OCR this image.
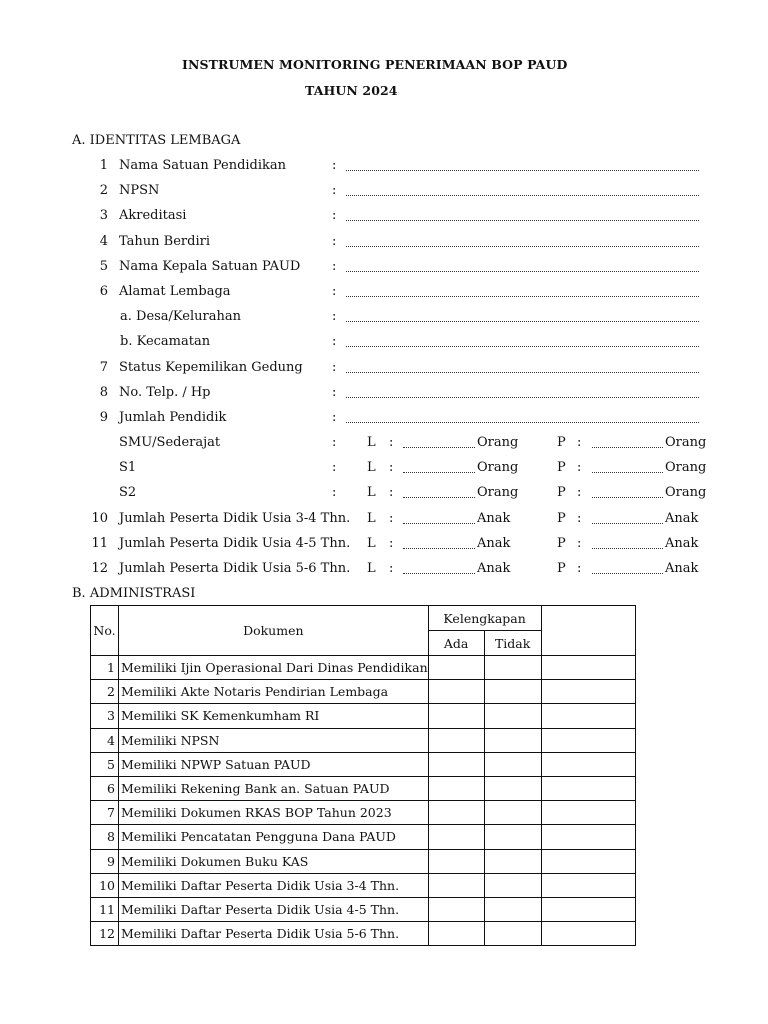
INSTRUMEN MONITORING PENERIMAAN BOP PAUD
TAHUN 2024
A. IDENTITAS LEMBAGA
1 Nama Satuan Pendidikan	:
2 NPSN	:
3 Akreditasi	:
4 Tahun Berdiri	:
5 Nama Kepala Satuan PAUD :
6 Alamat Lembaga	:
a. Desa/Kelurahan	:
b. Kecamatan	:
7 Status Kepemilikan Gedung :
8 No. Telp. / Hp	:
9 Jumlah Pendidik	:
SMU/Sederajat	: L :	Orang	P :	Orang
S1	: L :	Orang	P :	Orang
S2	: L :	Orang	P :	Orang
10 Jumlah Peserta Didik Usia 3-4 Thn. L :	Anak	P :	Anak
11 Jumlah Peserta Didik Usia 4-5 Thn. L :	Anak	P :	Anak
12 Jumlah Peserta Didik Usia 5-6 Thn. L :	Anak	P :	Anak
B. ADMINISTRASI
No.	Dokumen	Kelengkapan		
		Ada	Tidak	
1	Memiliki Ijin Operasional Dari Dinas Pendidikan			
2	Memiliki Akte Notaris Pendirian Lembaga			
3	Memiliki SK Kemenkumham RI			
4	Memiliki NPSN			
5	Memiliki NPWP Satuan PAUD			
6	Memiliki Rekening Bank an. Satuan PAUD			
7	Memiliki Dokumen RKAS BOP Tahun 2023			
8	Memiliki Pencatatan Pengguna Dana PAUD			
9	Memiliki Dokumen Buku KAS			
10	Memiliki Daftar Peserta Didik Usia 3-4 Thn.			
11	Memiliki Daftar Peserta Didik Usia 4-5 Thn.			
12	Memiliki Daftar Peserta Didik Usia 5-6 Thn.			
